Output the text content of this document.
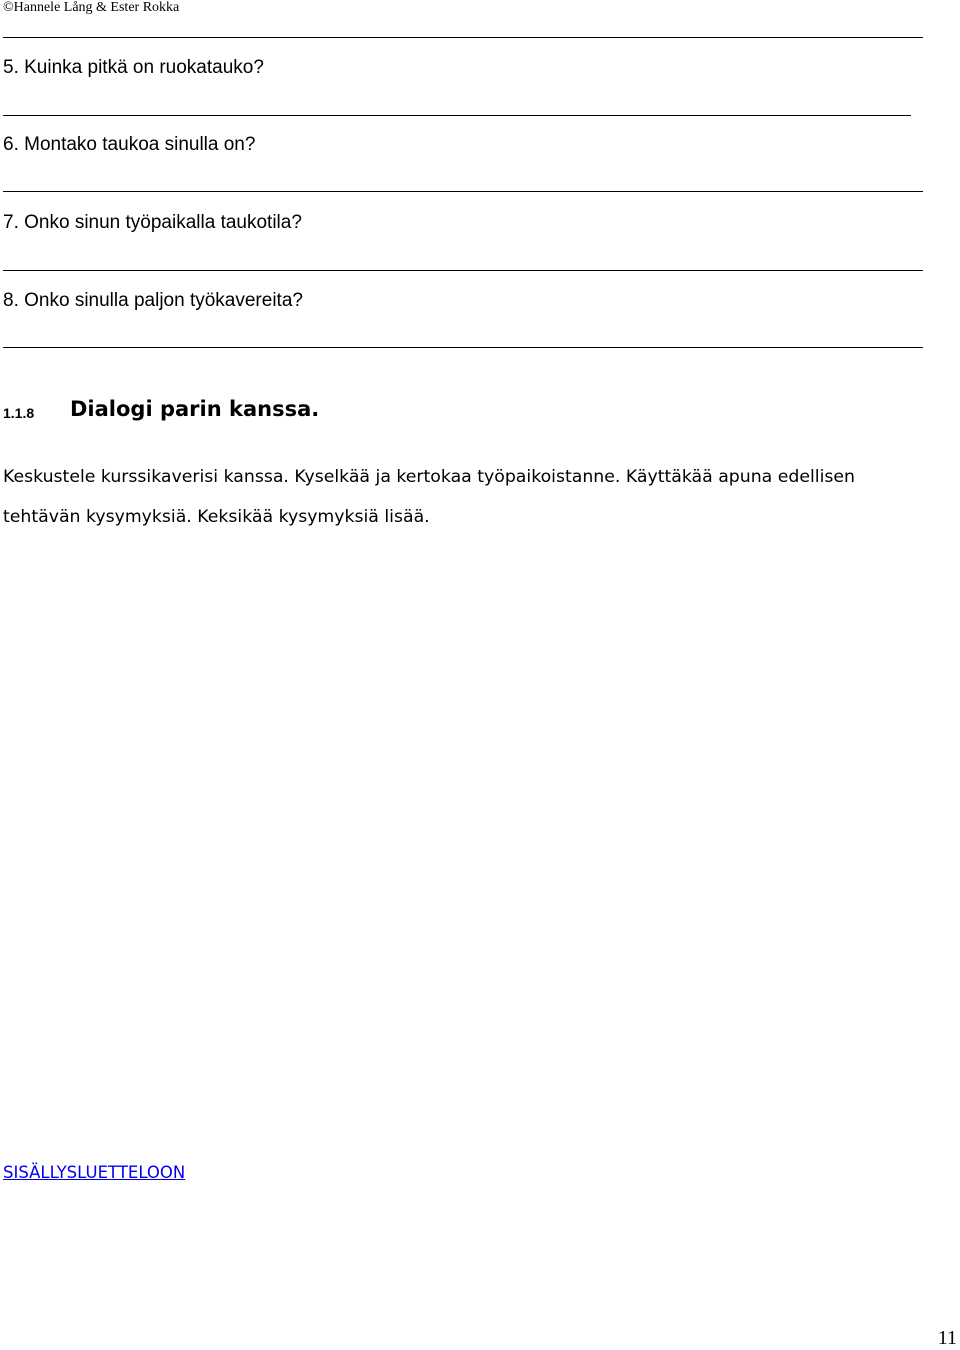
©Hannele Lång & Ester Rokka
5. Kuinka pitkä on ruokatauko?
6. Montako taukoa sinulla on?
7. Onko sinun työpaikalla taukotila?
8. Onko sinulla paljon työkavereita?
1.1.8 Dialogi parin kanssa.
Keskustele kurssikaverisi kanssa. Kyselkää ja kertokaa työpaikoistanne. Käyttäkää apuna edellisen tehtävän kysymyksiä. Keksikää kysymyksiä lisää.
SISÄLLYSLUETTELOON
11
